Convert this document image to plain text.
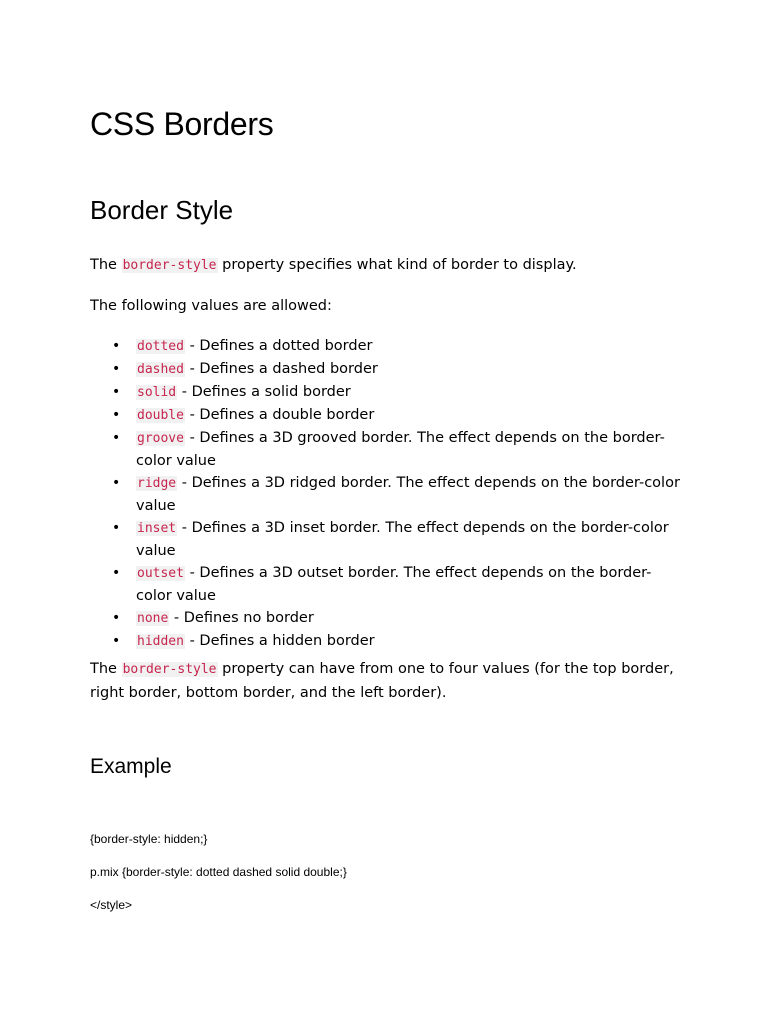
CSS Borders
Border Style

The border-style property specifies what kind of border to display.

The following values are allowed:

• dotted - Defines a dotted border
• dashed - Defines a dashed border
• solid - Defines a solid border
• double - Defines a double border
• groove - Defines a 3D grooved border. The effect depends on the border-color value
• ridge - Defines a 3D ridged border. The effect depends on the border-color value
• inset - Defines a 3D inset border. The effect depends on the border-color value
• outset - Defines a 3D outset border. The effect depends on the border-color value
• none - Defines no border
• hidden - Defines a hidden border

The border-style property can have from one to four values (for the top border, right border, bottom border, and the left border).

Example

{border-style: hidden;}

p.mix {border-style: dotted dashed solid double;}

</style>
